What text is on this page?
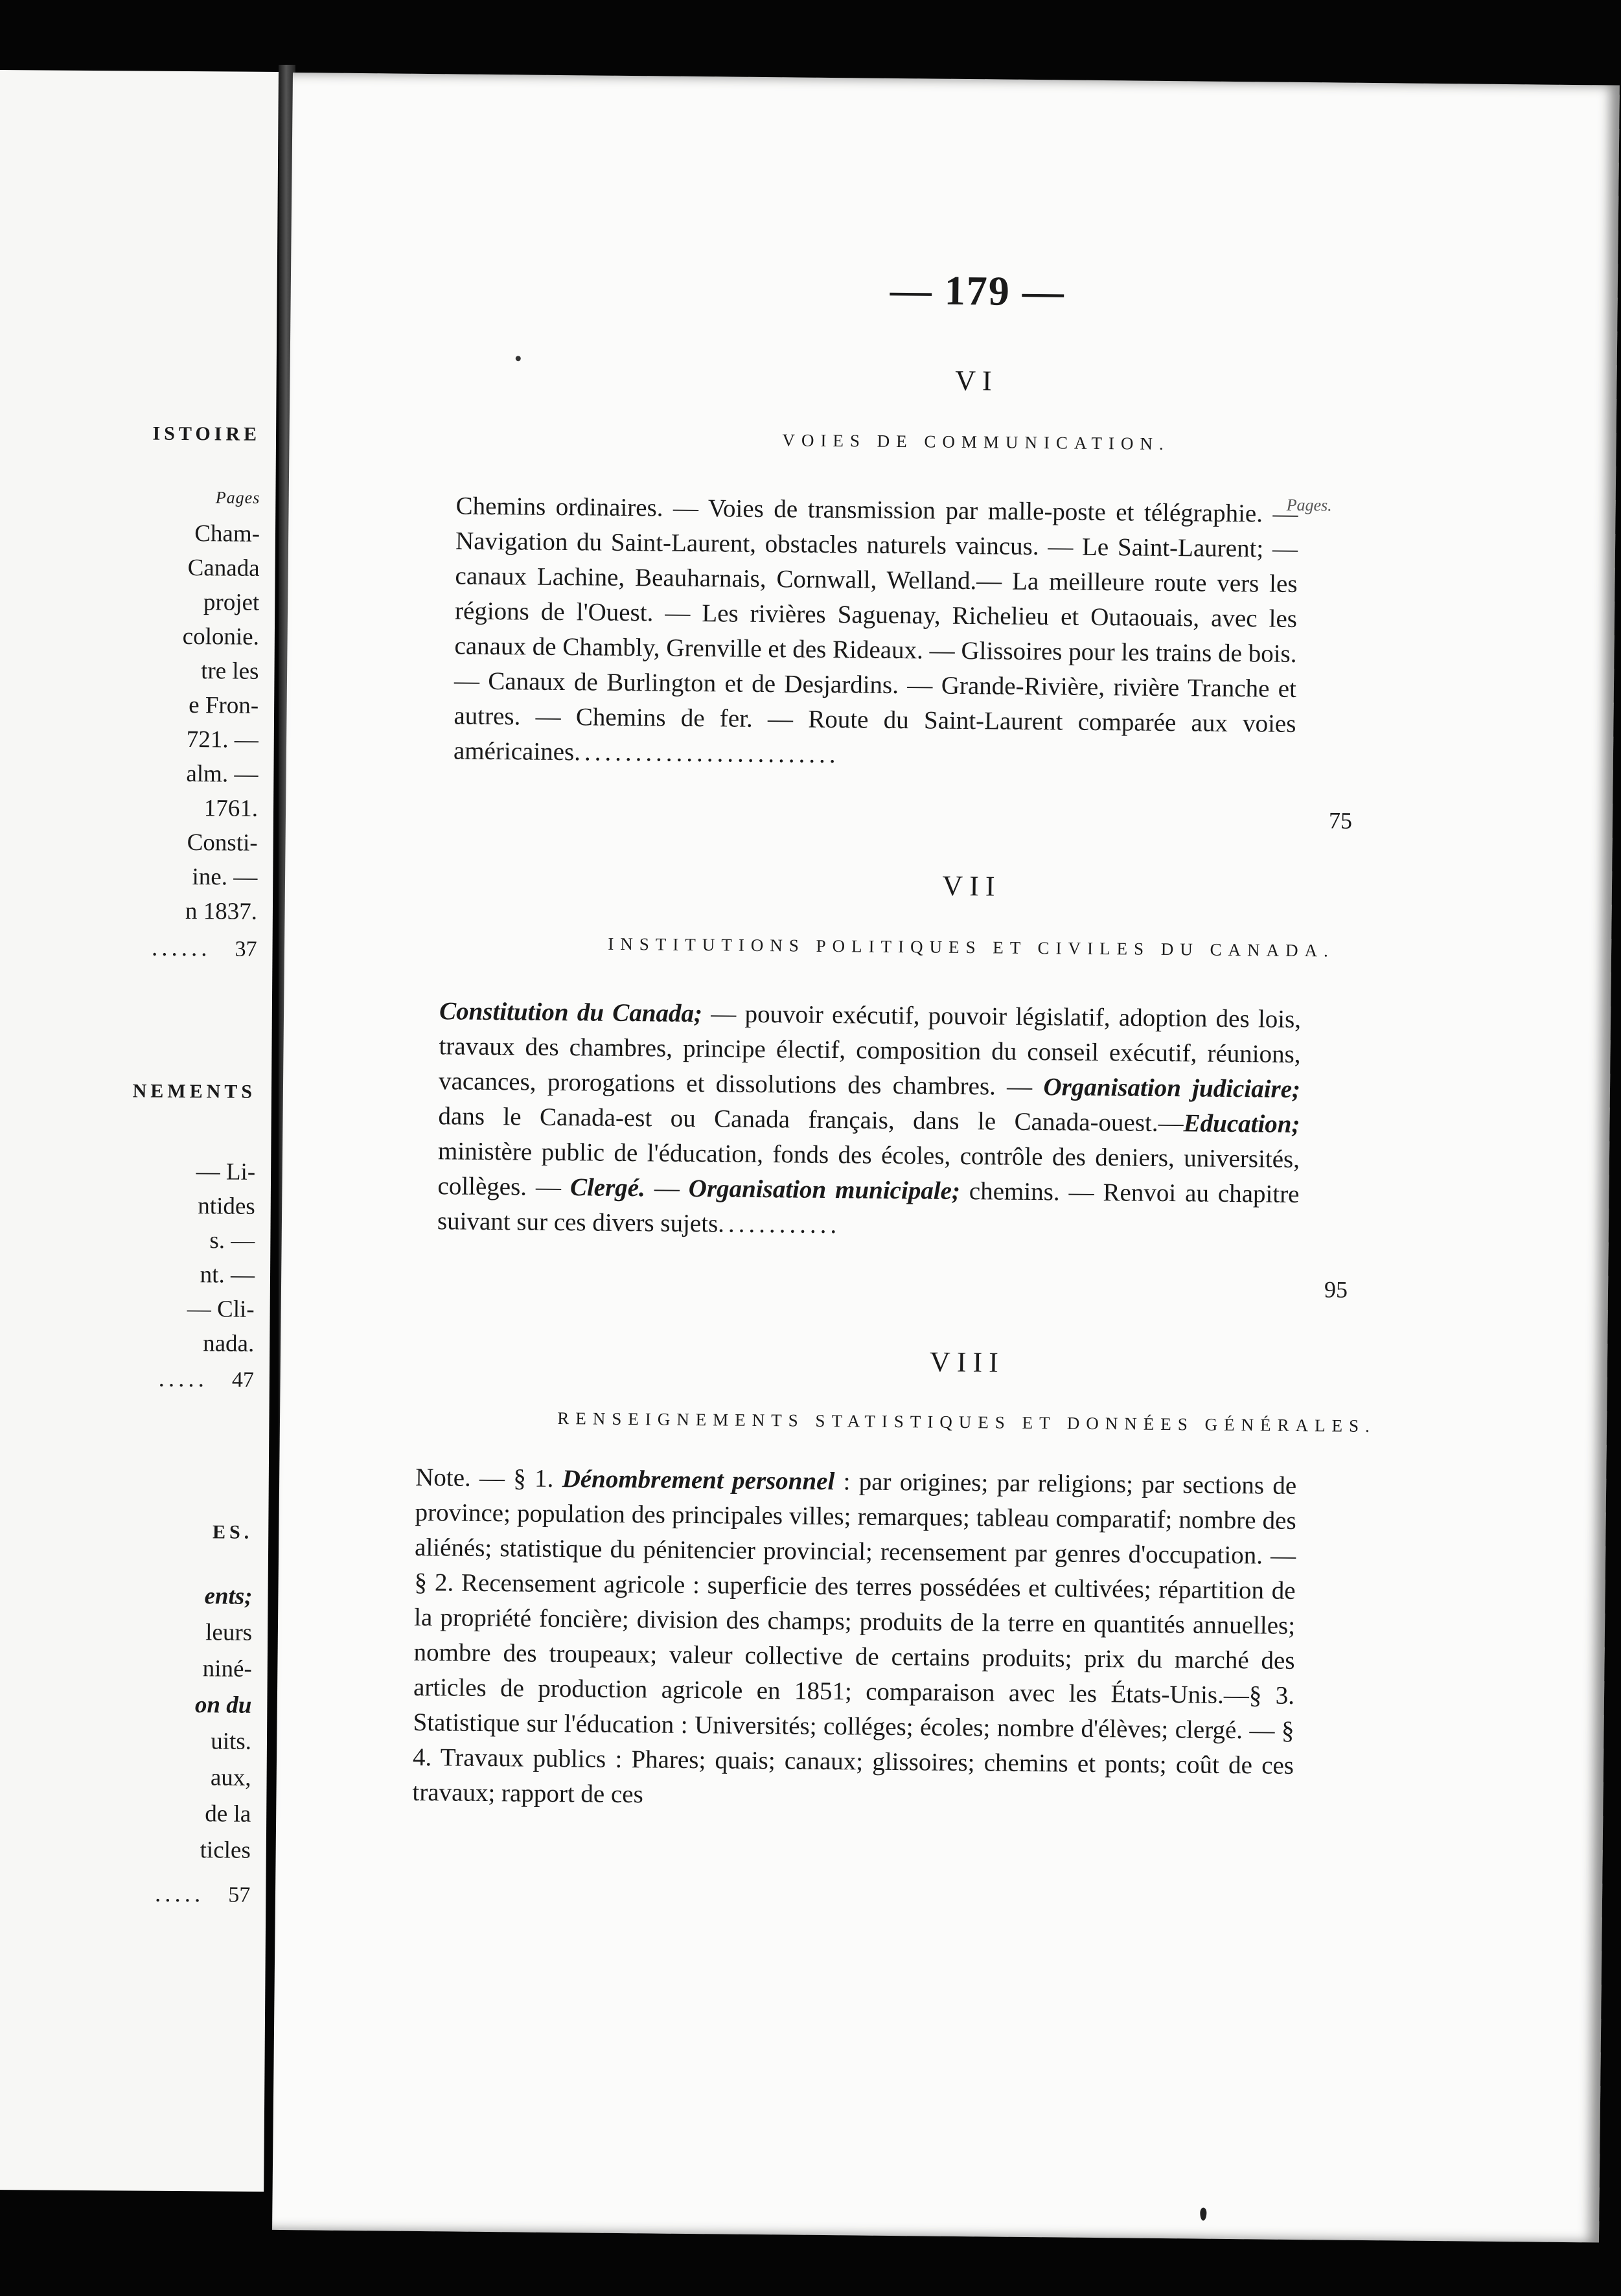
ISTOIRE
Pages
...... 37
NEMENTS
..... 47
ES.
..... 57
Cham-
Canada
projet
colonie.
tre les
e Fron-
721. —
alm. —
1761.
Consti-
ine. —
n 1837.
— Li-
ntides
s. —
nt. —
— Cli-
nada.
ents;
leurs
niné-
on du
uits.
aux,
de la
ticles
— 179 —
VI
VOIES DE COMMUNICATION.
Pages.
Chemins ordinaires. — Voies de transmission par malle-poste et télégraphie. — Navigation du Saint-Laurent, obstacles naturels vaincus. — Le Saint-Laurent; — canaux Lachine, Beauharnais, Cornwall, Welland.— La meilleure route vers les régions de l'Ouest. — Les rivières Saguenay, Richelieu et Outaouais, avec les canaux de Chambly, Grenville et des Rideaux. — Glissoires pour les trains de bois. — Canaux de Burlington et de Desjardins. — Grande-Rivière, rivière Tranche et autres. — Chemins de fer. — Route du Saint-Laurent comparée aux voies américaines..........................
75
VII
INSTITUTIONS POLITIQUES ET CIVILES DU CANADA.
Constitution du Canada; — pouvoir exécutif, pouvoir législatif, adoption des lois, travaux des chambres, principe électif, composition du conseil exécutif, réunions, vacances, prorogations et dissolutions des chambres. — Organisation judiciaire; dans le Canada-est ou Canada français, dans le Canada-ouest.—Education; ministère public de l'éducation, fonds des écoles, contrôle des deniers, universités, collèges. — Clergé. — Organisation municipale; chemins. — Renvoi au chapitre suivant sur ces divers sujets............
95
VIII
RENSEIGNEMENTS STATISTIQUES ET DONNÉES GÉNÉRALES.
Note. — § 1. Dénombrement personnel : par origines; par religions; par sections de province; population des principales villes; remarques; tableau comparatif; nombre des aliénés; statistique du pénitencier provincial; recensement par genres d'occupation. — § 2. Recensement agricole : superficie des terres possédées et cultivées; répartition de la propriété foncière; division des champs; produits de la terre en quantités annuelles; nombre des troupeaux; valeur collective de certains produits; prix du marché des articles de production agricole en 1851; comparaison avec les États-Unis.—§ 3. Statistique sur l'éducation : Universités; colléges; écoles; nombre d'élèves; clergé. — § 4. Travaux publics : Phares; quais; canaux; glissoires; chemins et ponts; coût de ces travaux; rapport de ces
